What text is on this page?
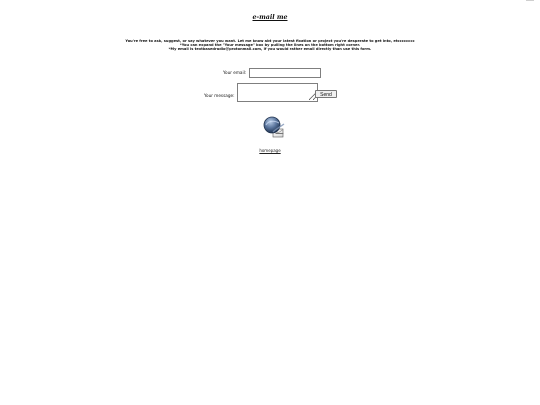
e-mail me
You're free to ask, suggest, or say whatever you want. Let me know abt your latest fixation or project you're desperate to get into, etcccccccc
*You can expand the "Your message" box by pulling the lines on the bottom right corner.
*My email is textbasedradio@protonmail.com, if you would rather email directly than use this form.
Your email:
Your message:	Send
homepage
